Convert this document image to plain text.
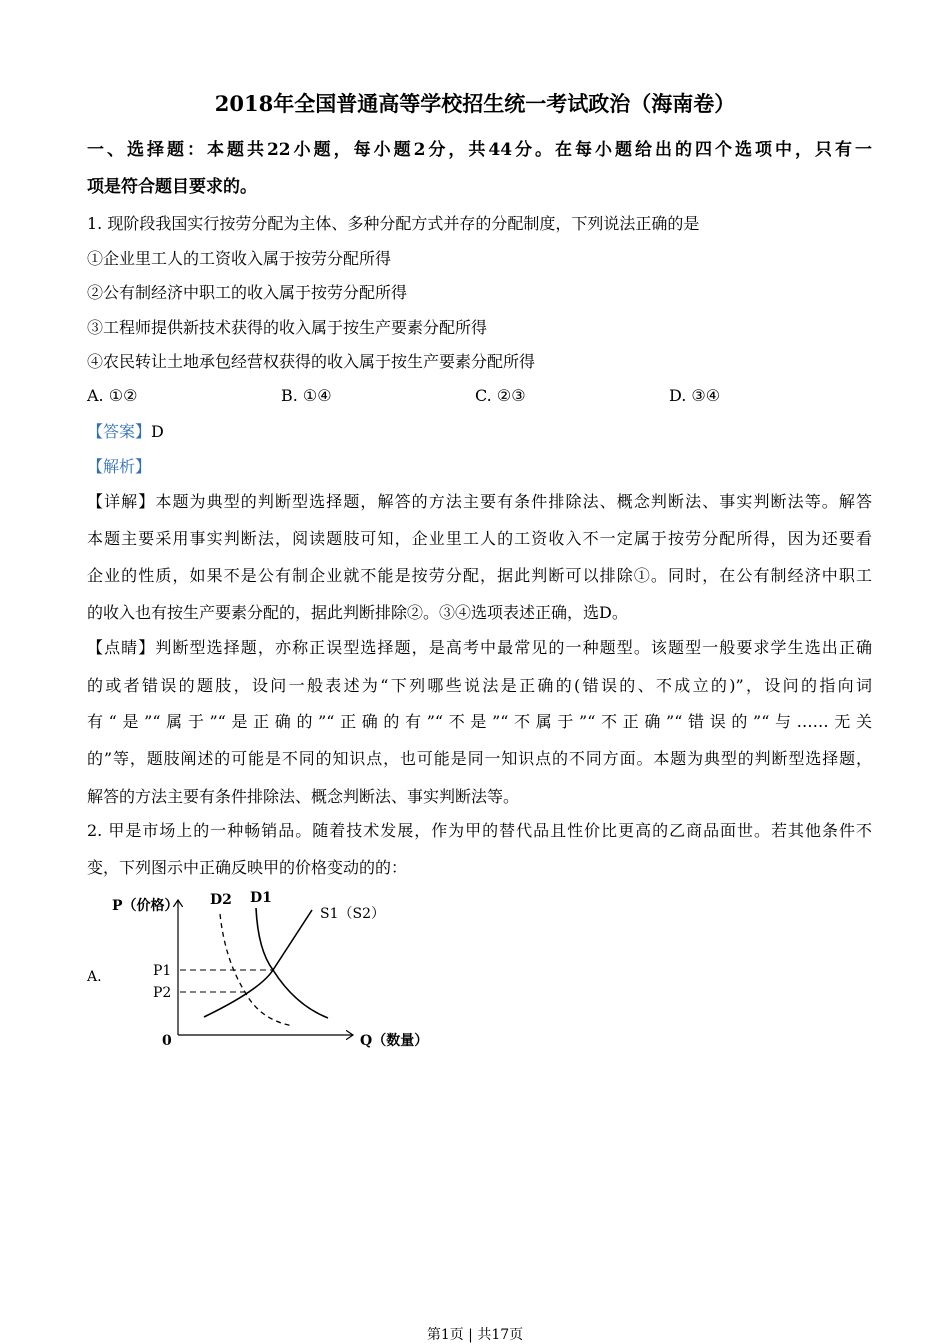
2018年全国普通高等学校招生统一考试政治（海南卷）
一、选择题：本题共22小题，每小题2分，共44分。在每小题给出的四个选项中，只有一
项是符合题目要求的。
1. 现阶段我国实行按劳分配为主体、多种分配方式并存的分配制度，下列说法正确的是
①企业里工人的工资收入属于按劳分配所得
②公有制经济中职工的收入属于按劳分配所得
③工程师提供新技术获得的收入属于按生产要素分配所得
④农民转让土地承包经营权获得的收入属于按生产要素分配所得
A. ①②	B. ①④	C. ②③	D. ③④
【答案】D
【解析】
【详解】本题为典型的判断型选择题，解答的方法主要有条件排除法、概念判断法、事实判断法等。解答
本题主要采用事实判断法，阅读题肢可知，企业里工人的工资收入不一定属于按劳分配所得，因为还要看
企业的性质，如果不是公有制企业就不能是按劳分配，据此判断可以排除①。同时，在公有制经济中职工
的收入也有按生产要素分配的，据此判断排除②。③④选项表述正确，选D。
【点睛】判断型选择题，亦称正误型选择题，是高考中最常见的一种题型。该题型一般要求学生选出正确
的或者错误的题肢，设问一般表述为“下列哪些说法是正确的(错误的、不成立的)”，设问的指向词
有“是”“属于”“是正确的”“正确的有”“不是”“不属于”“不正确”“错误的”“与……无关
的”等，题肢阐述的可能是不同的知识点，也可能是同一知识点的不同方面。本题为典型的判断型选择题，
解答的方法主要有条件排除法、概念判断法、事实判断法等。
2. 甲是市场上的一种畅销品。随着技术发展，作为甲的替代品且性价比更高的乙商品面世。若其他条件不
变，下列图示中正确反映甲的价格变动的的：
A.
P（价格）
Q（数量）
0
D2 D1
S1（S2）
P1
P2
第1页 | 共17页
